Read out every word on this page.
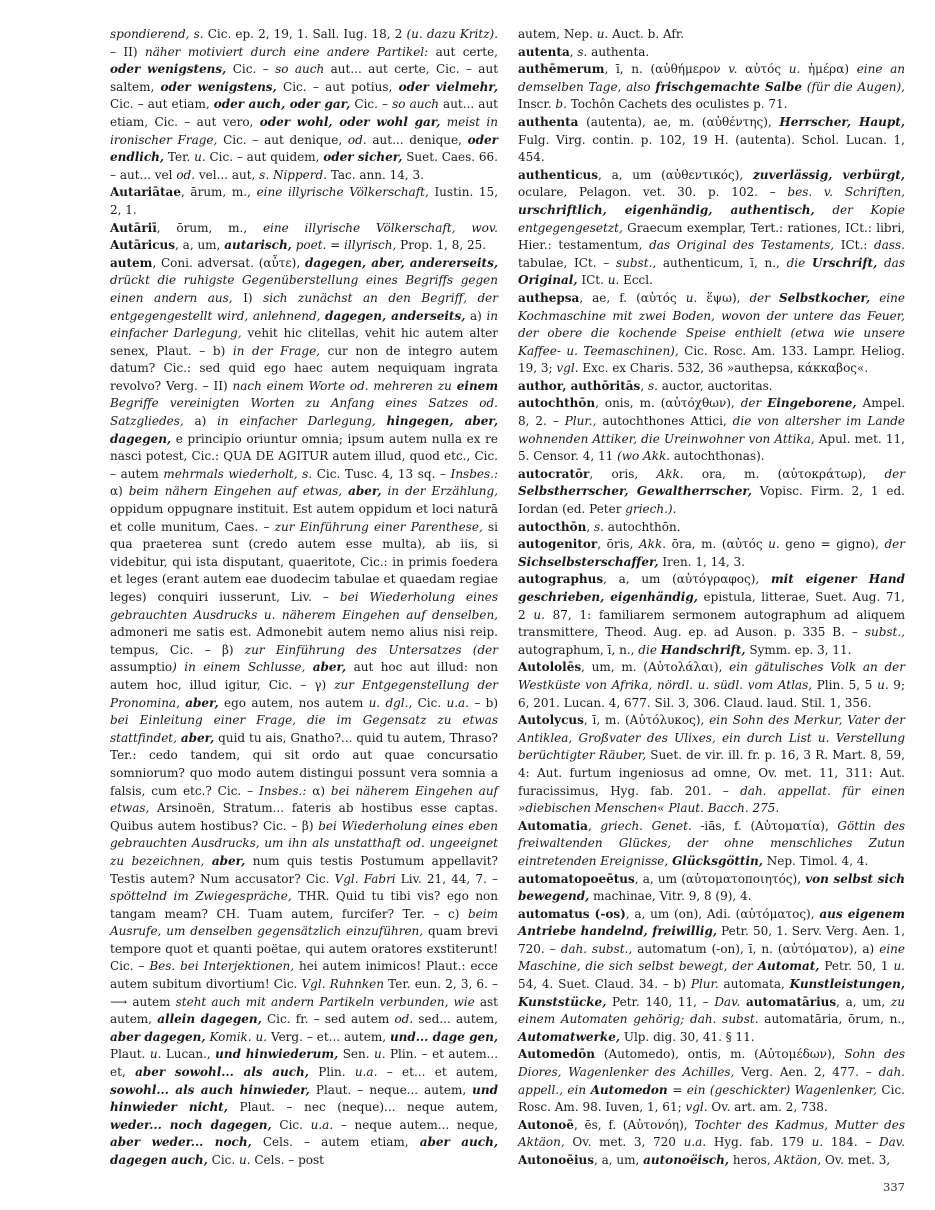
spondierend, s. Cic. ep. 2, 19, 1. Sall. Iug. 18, 2 (u. dazu Kritz). – II) näher motiviert durch eine andere Partikel: aut certe, oder wenigstens, Cic. – so auch aut... aut certe, Cic. – aut saltem, oder wenigstens, Cic. – aut potius, oder vielmehr, Cic. – aut etiam, oder auch, oder gar, Cic. – so auch aut... aut etiam, Cic. – aut vero, oder wohl, oder wohl gar, meist in ironischer Frage, Cic. – aut denique, od. aut... denique, oder endlich, Ter. u. Cic. – aut quidem, oder sicher, Suet. Caes. 66. – aut... vel od. vel... aut, s. Nipperd. Tac. ann. 14, 3.

Autariātae, ārum, m., eine illyrische Völkerschaft, Iustin. 15, 2, 1.

Autāriī, ōrum, m., eine illyrische Völkerschaft, wov. Autāricus, a, um, autarisch, poet. = illyrisch, Prop. 1, 8, 25.

autem, Coni. adversat. (αὖτε), dagegen, aber, andererseits, drückt die ruhigste Gegenüberstellung eines Begriffs gegen einen andern aus, I) sich zunächst an den Begriff, der entgegengestellt wird, anlehnend, dagegen, anderseits, a) in einfacher Darlegung, vehit hic clitellas, vehit hic autem alter senex, Plaut. – b) in der Frage, cur non de integro autem datum? Cic.: sed quid ego haec autem nequiquam ingrata revolvo? Verg. – II) nach einem Worte od. mehreren zu einem Begriffe vereinigten Worten zu Anfang eines Satzes od. Satzgliedes, a) in einfacher Darlegung, hingegen, aber, dagegen, e principio oriuntur omnia; ipsum autem nulla ex re nasci potest, Cic.: QUA DE AGITUR autem illud, quod etc., Cic. – autem mehrmals wiederholt, s. Cic. Tusc. 4, 13 sq. – Insbes.: α) beim nähern Eingehen auf etwas, aber, in der Erzählung, oppidum oppugnare instituit. Est autem oppidum et loci naturā et colle munitum, Caes. – zur Einführung einer Parenthese, si qua praeterea sunt (credo autem esse multa), ab iis, si videbitur, qui ista disputant, quaeritote, Cic.: in primis foedera et leges (erant autem eae duodecim tabulae et quaedam regiae leges) conquiri iusserunt, Liv. – bei Wiederholung eines gebrauchten Ausdrucks u. näherem Eingehen auf denselben, admoneri me satis est. Admonebit autem nemo alius nisi reip. tempus, Cic. – β) zur Einführung des Untersatzes (der assumptio) in einem Schlusse, aber, aut hoc aut illud: non autem hoc, illud igitur, Cic. – γ) zur Entgegenstellung der Pronomina, aber, ego autem, nos autem u. dgl., Cic. u.a. – b) bei Einleitung einer Frage, die im Gegensatz zu etwas stattfindet, aber, quid tu ais, Gnatho?... quid tu autem, Thraso? Ter.: cedo tandem, qui sit ordo aut quae concursatio somniorum? quo modo autem distingui possunt vera somnia a falsis, cum etc.? Cic. – Insbes.: α) bei näherem Eingehen auf etwas, Arsinoën, Stratum... fateris ab hostibus esse captas. Quibus autem hostibus? Cic. – β) bei Wiederholung eines eben gebrauchten Ausdrucks, um ihn als unstatthaft od. ungeeignet zu bezeichnen, aber, num quis testis Postumum appellavit? Testis autem? Num accusator? Cic. Vgl. Fabri Liv. 21, 44, 7. – spöttelnd im Zwiegespräche, THR. Quid tu tibi vis? ego non tangam meam? CH. Tuam autem, furcifer? Ter. – c) beim Ausrufe, um denselben gegensätzlich einzuführen, quam brevi tempore quot et quanti poëtae, qui autem oratores exstiterunt! Cic. – Bes. bei Interjektionen, hei autem inimicos! Plaut.: ecce autem subitum divortium! Cic. Vgl. Ruhnken Ter. eun. 2, 3, 6. – ⟶ autem steht auch mit andern Partikeln verbunden, wie ast autem, allein dagegen, Cic. fr. – sed autem od. sed... autem, aber dagegen, Komik. u. Verg. – et... autem, und... dage gen, Plaut. u. Lucan., und hinwiederum, Sen. u. Plin. – et autem... et, aber sowohl... als auch, Plin. u.a. – et... et autem, sowohl... als auch hinwieder, Plaut. – neque... autem, und hinwieder nicht, Plaut. – nec (neque)... neque autem, weder... noch dagegen, Cic. u.a. – neque autem... neque, aber weder... noch, Cels. – autem etiam, aber auch, dagegen auch, Cic. u. Cels. – post

autem, Nep. u. Auct. b. Afr.

autenta, s. authenta.

authēmerum, ī, n. (αὐθήμερον v. αὐτός u. ἡμέρα) eine an demselben Tage, also frischgemachte Salbe (für die Augen), Inscr. b. Tochôn Cachets des oculistes p. 71.

authenta (autenta), ae, m. (αὐθέντης), Herrscher, Haupt, Fulg. Virg. contin. p. 102, 19 H. (autenta). Schol. Lucan. 1, 454.

authenticus, a, um (αὐθεντικός), zuverlässig, verbürgt, oculare, Pelagon. vet. 30. p. 102. – bes. v. Schriften, urschriftlich, eigenhändig, authentisch, der Kopie entgegengesetzt, Graecum exemplar, Tert.: rationes, ICt.: libri, Hier.: testamentum, das Original des Testaments, ICt.: dass. tabulae, ICt. – subst., authenticum, ī, n., die Urschrift, das Original, ICt. u. Eccl.

authepsa, ae, f. (αὐτός u. ἕψω), der Selbstkocher, eine Kochmaschine mit zwei Boden, wovon der untere das Feuer, der obere die kochende Speise enthielt (etwa wie unsere Kaffee- u. Teemaschinen), Cic. Rosc. Am. 133. Lampr. Heliog. 19, 3; vgl. Exc. ex Charis. 532, 36 »authepsa, κάκκαβος«.

author, authōritās, s. auctor, auctoritas.

autochthōn, onis, m. (αὐτόχθων), der Eingeborene, Ampel. 8, 2. – Plur., autochthones Attici, die von altersher im Lande wohnenden Attiker, die Ureinwohner von Attika, Apul. met. 11, 5. Censor. 4, 11 (wo Akk. autochthonas).

autocratōr, oris, Akk. ora, m. (αὐτοκράτωρ), der Selbstherrscher, Gewaltherrscher, Vopisc. Firm. 2, 1 ed. Iordan (ed. Peter griech.).

autocthōn, s. autochthōn.

autogenitor, ōris, Akk. ōra, m. (αὐτός u. geno = gigno), der Sichselbsterschaffer, Iren. 1, 14, 3.

autographus, a, um (αὐτόγραφος), mit eigener Hand geschrieben, eigenhändig, epistula, litterae, Suet. Aug. 71, 2 u. 87, 1: familiarem sermonem autographum ad aliquem transmittere, Theod. Aug. ep. ad Auson. p. 335 B. – subst., autographum, ī, n., die Handschrift, Symm. ep. 3, 11.

Autololēs, um, m. (Αὐτολάλαι), ein gätulisches Volk an der Westküste von Afrika, nördl. u. südl. vom Atlas, Plin. 5, 5 u. 9; 6, 201. Lucan. 4, 677. Sil. 3, 306. Claud. laud. Stil. 1, 356.

Autolycus, ī, m. (Αὐτόλυκος), ein Sohn des Merkur, Vater der Antiklea, Großvater des Ulixes, ein durch List u. Verstellung berüchtigter Räuber, Suet. de vir. ill. fr. p. 16, 3 R. Mart. 8, 59, 4: Aut. furtum ingeniosus ad omne, Ov. met. 11, 311: Aut. furacissimus, Hyg. fab. 201. – dah. appellat. für einen »diebischen Menschen« Plaut. Bacch. 275.

Automatia, griech. Genet. -iās, f. (Αὐτοματία), Göttin des freiwaltenden Glückes, der ohne menschliches Zutun eintretenden Ereignisse, Glücksgöttin, Nep. Timol. 4, 4.

automatopoeētus, a, um (αὐτοματοποιητός), von selbst sich bewegend, machinae, Vitr. 9, 8 (9), 4.

automatus (-os), a, um (on), Adi. (αὐτόματος), aus eigenem Antriebe handelnd, freiwillig, Petr. 50, 1. Serv. Verg. Aen. 1, 720. – dah. subst., automatum (-on), ī, n. (αὐτόματον), a) eine Maschine, die sich selbst bewegt, der Automat, Petr. 50, 1 u. 54, 4. Suet. Claud. 34. – b) Plur. automata, Kunstleistungen, Kunststücke, Petr. 140, 11, – Dav. automatārius, a, um, zu einem Automaten gehörig; dah. subst. automatāria, ōrum, n., Automatwerke, Ulp. dig. 30, 41. § 11.

Automedōn (Automedo), ontis, m. (Αὐτομέδων), Sohn des Diores, Wagenlenker des Achilles, Verg. Aen. 2, 477. – dah. appell., ein Automedon = ein (geschickter) Wagenlenker, Cic. Rosc. Am. 98. Iuven, 1, 61; vgl. Ov. art. am. 2, 738.

Autonoē, ēs, f. (Αὐτονόη), Tochter des Kadmus, Mutter des Aktäon, Ov. met. 3, 720 u.a. Hyg. fab. 179 u. 184. – Dav. Autonoēius, a, um, autonoëisch, heros, Aktäon, Ov. met. 3,

337
